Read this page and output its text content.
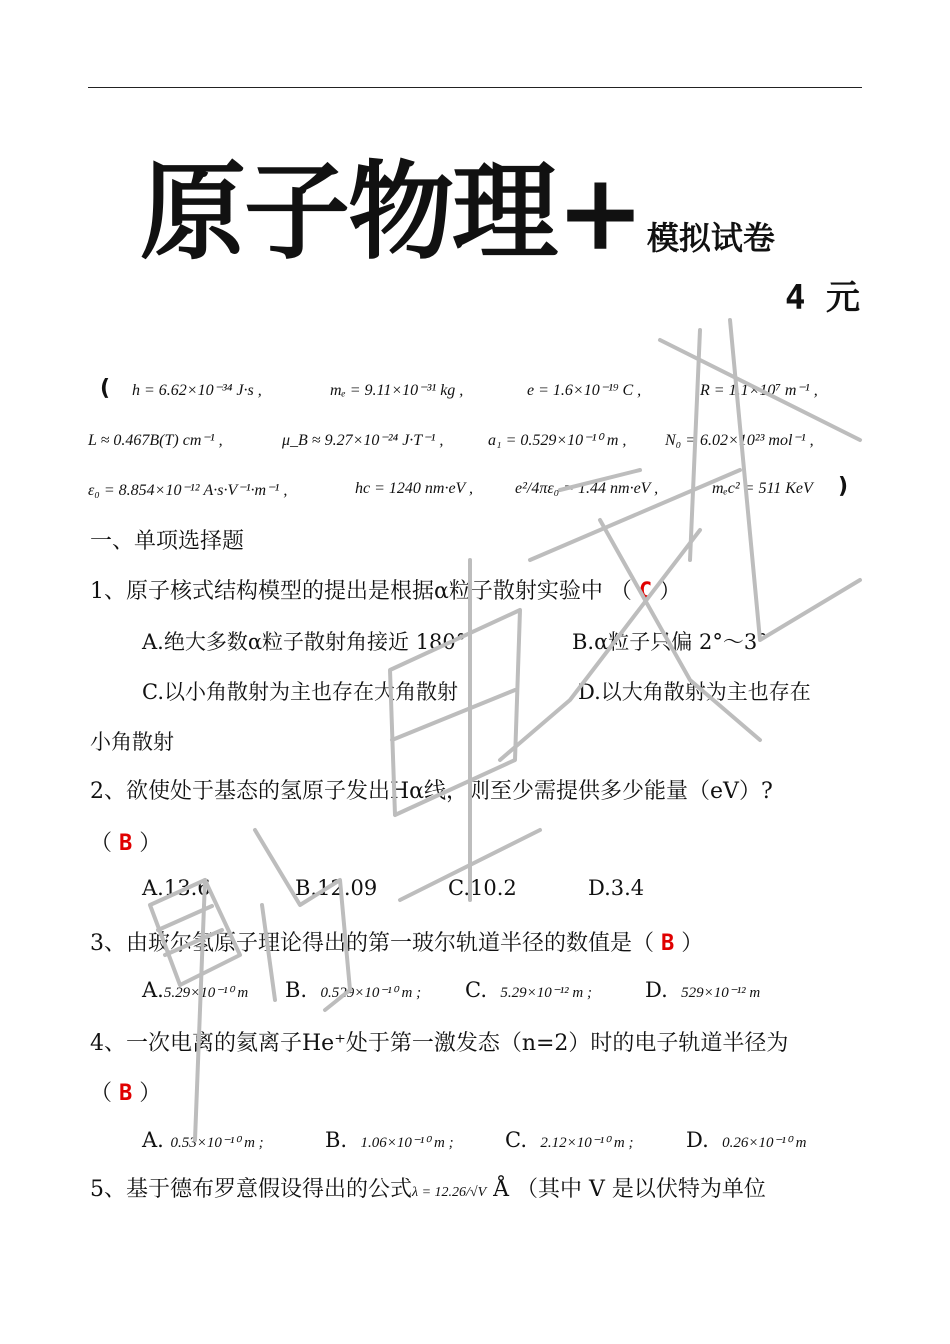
原子物理+ 模拟试卷
4 元
( h = 6.62×10⁻³⁴ J·s ,	mₑ = 9.11×10⁻³¹ kg ,	e = 1.6×10⁻¹⁹ C ,	R = 1.1×10⁷ m⁻¹ ,
L ≈ 0.467B(T) cm⁻¹ ,	μ_B ≈ 9.27×10⁻²⁴ J·T⁻¹ ,	a₁ = 0.529×10⁻¹⁰ m , N₀ = 6.02×10²³ mol⁻¹ ,
ε₀ = 8.854×10⁻¹² A·s·V⁻¹·m⁻¹ ,	hc = 1240 nm·eV ,	e²/4πε₀ = 1.44 nm·eV ,	mₑc² = 511 KeV )
一、单项选择题
1、原子核式结构模型的提出是根据α粒子散射实验中 （ C ）
A.绝大多数α粒子散射角接近 180°	B.α粒子只偏 2°～3°
C.以小角散射为主也存在大角散射	D.以大角散射为主也存在
小角散射
2、欲使处于基态的氢原子发出Hα线，则至少需提供多少能量（eV）?
（ B ）
A.13.6	B.12.09	C.10.2	D.3.4
3、由玻尔氢原子理论得出的第一玻尔轨道半径的数值是（ B ）
A.5.29×10⁻¹⁰ m B. 0.529×10⁻¹⁰ m ; C. 5.29×10⁻¹² m ;	D. 529×10⁻¹² m
4、一次电离的氦离子He⁺处于第一激发态（n=2）时的电子轨道半径为
（ B ）
A. 0.53×10⁻¹⁰ m ;	B. 1.06×10⁻¹⁰ m ; C. 2.12×10⁻¹⁰ m ;	D. 0.26×10⁻¹⁰ m
5、基于德布罗意假设得出的公式λ = 12.26/√V Å （其中 V 是以伏特为单位
